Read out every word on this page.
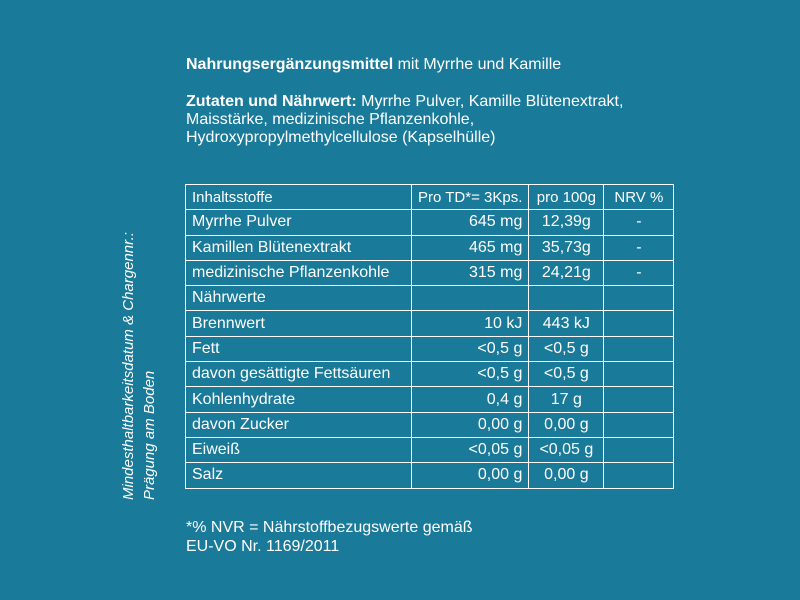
Mindesthaltbarkeitsdatum & Chargennr.: Prägung am Boden
Nahrungsergänzungsmittel mit Myrrhe und Kamille
Zutaten und Nährwert: Myrrhe Pulver, Kamille Blütenextrakt, Maisstärke, medizinische Pflanzenkohle, Hydroxypropylmethylcellulose (Kapselhülle)
Inhaltsstoffe	Pro TD*= 3Kps.	pro 100g	NRV %
Myrrhe Pulver	645 mg	12,39g	-
Kamillen Blütenextrakt	465 mg	35,73g	-
medizinische Pflanzenkohle	315 mg	24,21g	-
Nährwerte			
Brennwert	10 kJ	443 kJ	
Fett	<0,5 g	<0,5 g	
davon gesättigte Fettsäuren	<0,5 g	<0,5 g	
Kohlenhydrate	0,4 g	17 g	
davon Zucker	0,00 g	0,00 g	
Eiweiß	<0,05 g	<0,05 g	
Salz	0,00 g	0,00 g	
*% NVR = Nährstoffbezugswerte gemäß
EU-VO Nr. 1169/2011
